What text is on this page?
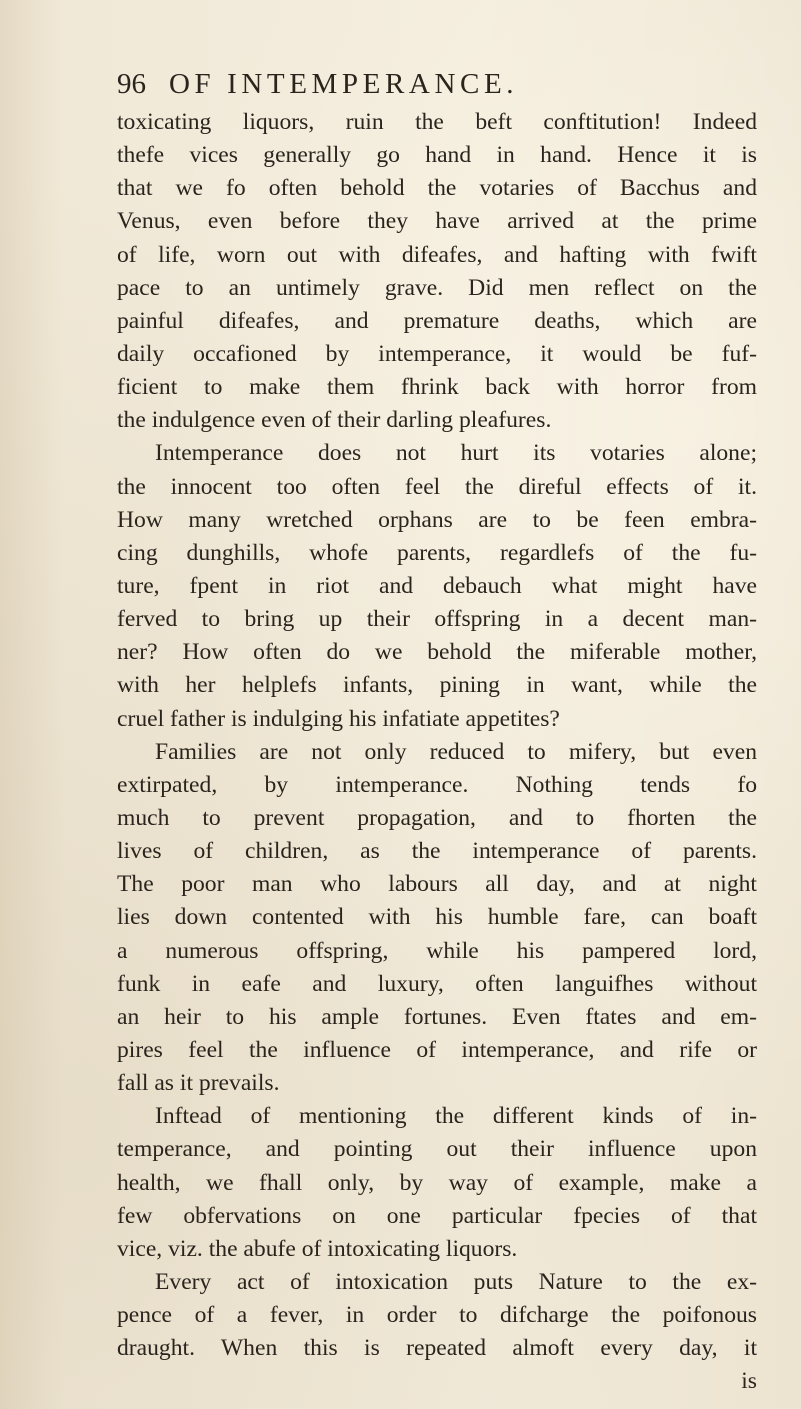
96 OF INTEMPERANCE.
toxicating liquors, ruin the beft conftitution! Indeed
thefe vices generally go hand in hand. Hence it is
that we fo often behold the votaries of Bacchus and
Venus, even before they have arrived at the prime
of life, worn out with difeafes, and hafting with fwift
pace to an untimely grave. Did men reflect on the
painful difeafes, and premature deaths, which are
daily occafioned by intemperance, it would be fuf-
ficient to make them fhrink back with horror from
the indulgence even of their darling pleafures.
Intemperance does not hurt its votaries alone;
the innocent too often feel the direful effects of it.
How many wretched orphans are to be feen embra-
cing dunghills, whofe parents, regardlefs of the fu-
ture, fpent in riot and debauch what might have
ferved to bring up their offspring in a decent man-
ner? How often do we behold the miferable mother,
with her helplefs infants, pining in want, while the
cruel father is indulging his infatiate appetites?
Families are not only reduced to mifery, but even
extirpated, by intemperance. Nothing tends fo
much to prevent propagation, and to fhorten the
lives of children, as the intemperance of parents.
The poor man who labours all day, and at night
lies down contented with his humble fare, can boaft
a numerous offspring, while his pampered lord,
funk in eafe and luxury, often languifhes without
an heir to his ample fortunes. Even ftates and em-
pires feel the influence of intemperance, and rife or
fall as it prevails.
Inftead of mentioning the different kinds of in-
temperance, and pointing out their influence upon
health, we fhall only, by way of example, make a
few obfervations on one particular fpecies of that
vice, viz. the abufe of intoxicating liquors.
Every act of intoxication puts Nature to the ex-
pence of a fever, in order to difcharge the poifonous
draught. When this is repeated almoft every day, it
is
